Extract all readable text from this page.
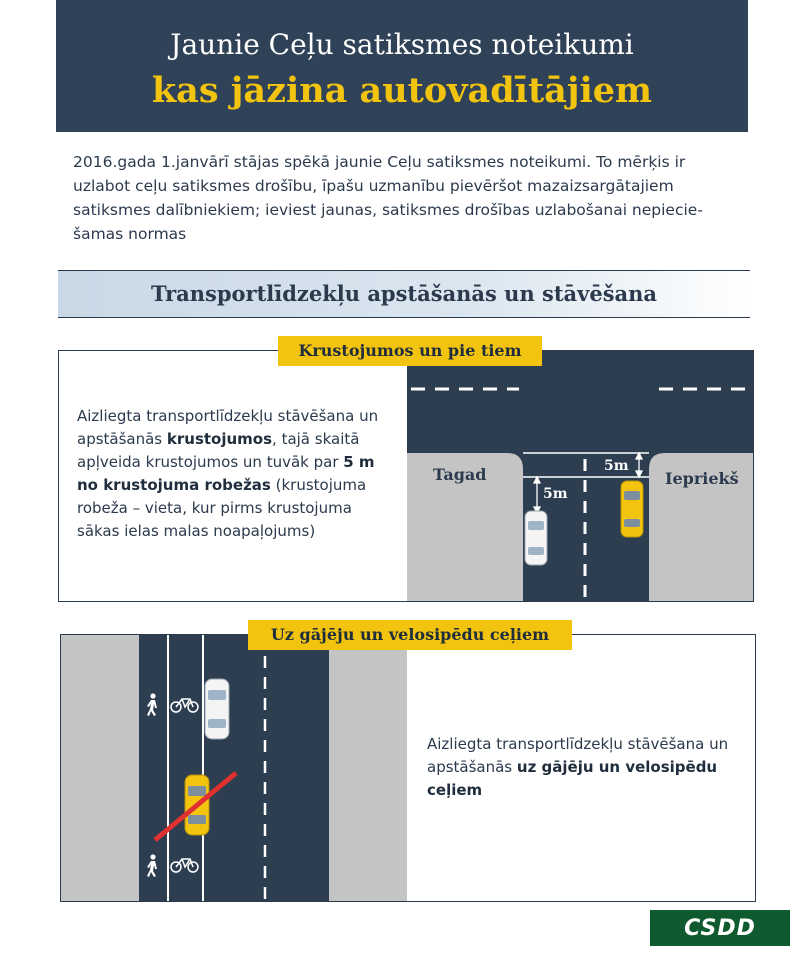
Jaunie Ceļu satiksmes noteikumi
kas jāzina autovadītājiem
2016.gada 1.janvārī stājas spēkā jaunie Ceļu satiksmes noteikumi. To mērķis ir uzlabot ceļu satiksmes drošību, īpašu uzmanību pievēršot mazaizsargātajiem satiksmes dalībniekiem; ieviest jaunas, satiksmes drošības uzlabošanai nepiecie-šamas normas
Transportlīdzekļu apstāšanās un stāvēšana
Krustojumos un pie tiem
Aizliegta transportlīdzekļu stāvēšana un apstāšanās krustojumos, tajā skaitā apļveida krustojumos un tuvāk par 5 m no krustojuma robežas (krustojuma robeža – vieta, kur pirms krustojuma sākas ielas malas noapaļojums)
Tagad	Iepriekš
5m
5m
Uz gājēju un velosipēdu ceļiem
Aizliegta transportlīdzekļu stāvēšana un apstāšanās uz gājēju un velosipēdu ceļiem
CSDD
